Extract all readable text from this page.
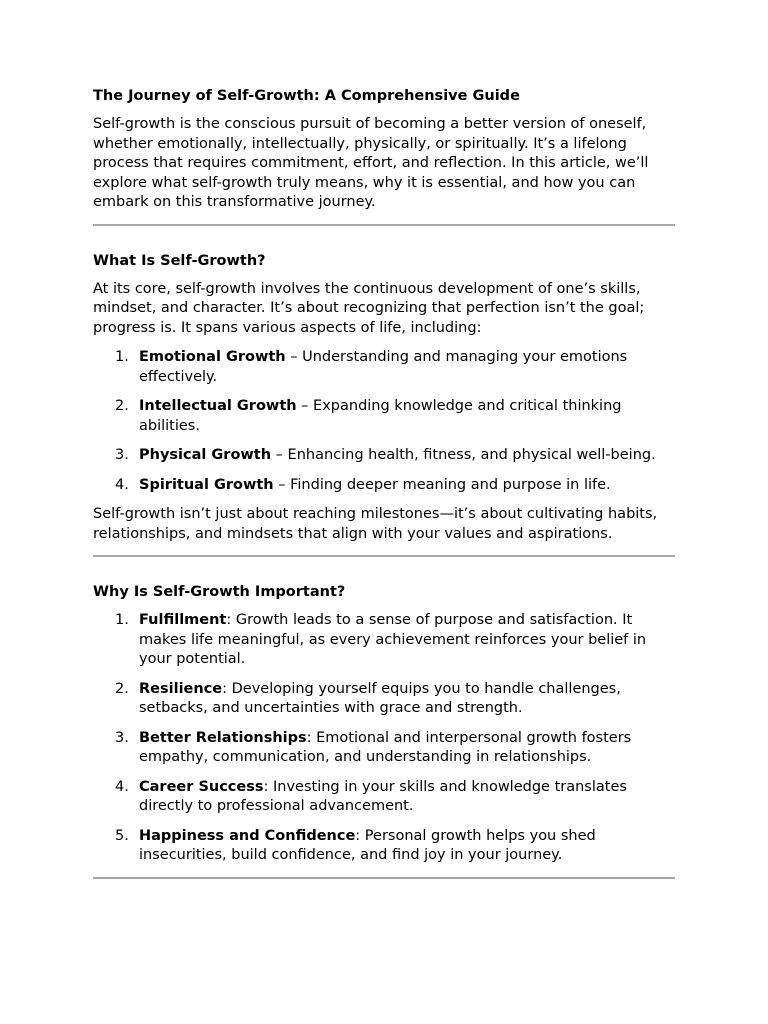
The Journey of Self-Growth: A Comprehensive Guide

Self-growth is the conscious pursuit of becoming a better version of oneself, whether emotionally, intellectually, physically, or spiritually. It’s a lifelong process that requires commitment, effort, and reflection. In this article, we’ll explore what self-growth truly means, why it is essential, and how you can embark on this transformative journey.

What Is Self-Growth?

At its core, self-growth involves the continuous development of one’s skills, mindset, and character. It’s about recognizing that perfection isn’t the goal; progress is. It spans various aspects of life, including:

1. Emotional Growth – Understanding and managing your emotions effectively.
2. Intellectual Growth – Expanding knowledge and critical thinking abilities.
3. Physical Growth – Enhancing health, fitness, and physical well-being.
4. Spiritual Growth – Finding deeper meaning and purpose in life.

Self-growth isn’t just about reaching milestones—it’s about cultivating habits, relationships, and mindsets that align with your values and aspirations.

Why Is Self-Growth Important?
1. Fulfillment: Growth leads to a sense of purpose and satisfaction. It makes life meaningful, as every achievement reinforces your belief in your potential.
2. Resilience: Developing yourself equips you to handle challenges, setbacks, and uncertainties with grace and strength.
3. Better Relationships: Emotional and interpersonal growth fosters empathy, communication, and understanding in relationships.
4. Career Success: Investing in your skills and knowledge translates directly to professional advancement.
5. Happiness and Confidence: Personal growth helps you shed insecurities, build confidence, and find joy in your journey.
